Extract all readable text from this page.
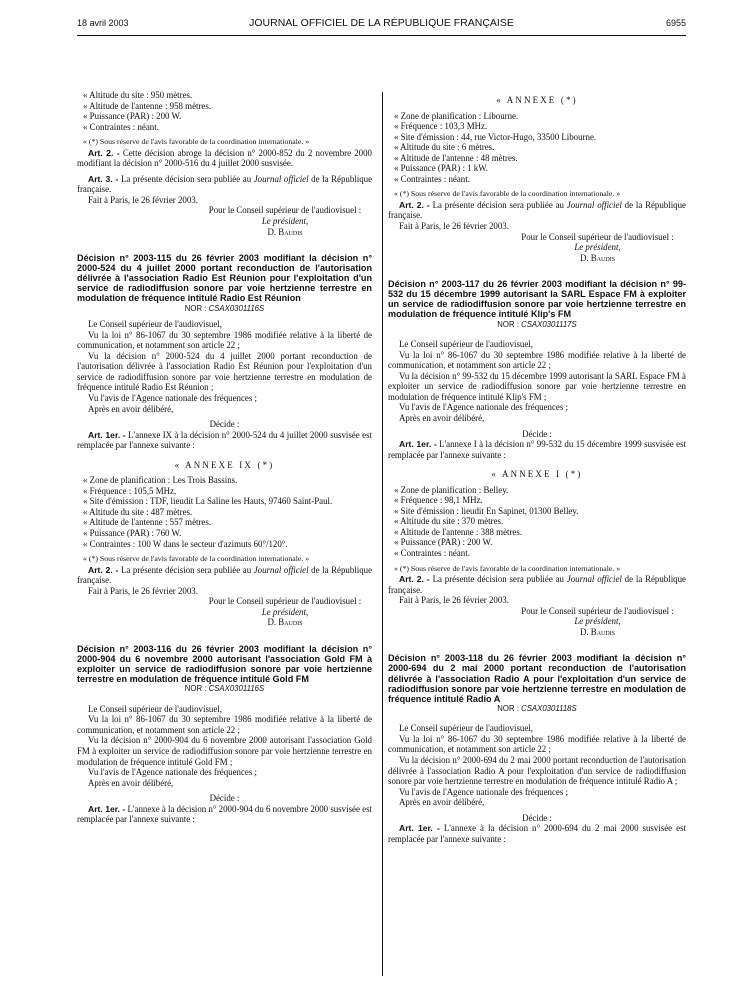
18 avril 2003	JOURNAL OFFICIEL DE LA RÉPUBLIQUE FRANÇAISE	6955

« Altitude du site : 950 mètres.

« Altitude de l'antenne : 958 mètres.

« Puissance (PAR) : 200 W.

« Contraintes : néant.

« (*) Sous réserve de l'avis favorable de la coordination internationale. »

Art. 2. - Cette décision abroge la décision n° 2000-852 du 2 novembre 2000 modifiant la décision n° 2000-516 du 4 juillet 2000 susvisée.

Art. 3. - La présente décision sera publiée au Journal officiel de la République française.

Fait à Paris, le 26 février 2003.

Pour le Conseil supérieur de l'audiovisuel :
Le président,
D. Baudis

Décision n° 2003-115 du 26 février 2003 modifiant la décision n° 2000-524 du 4 juillet 2000 portant reconduction de l'autorisation délivrée à l'association Radio Est Réunion pour l'exploitation d'un service de radiodiffusion sonore par voie hertzienne terrestre en modulation de fréquence intitulé Radio Est Réunion

NOR : CSAX0301116S

Le Conseil supérieur de l'audiovisuel,

Vu la loi n° 86-1067 du 30 septembre 1986 modifiée relative à la liberté de communication, et notamment son article 22 ;

Vu la décision n° 2000-524 du 4 juillet 2000 portant reconduction de l'autorisation délivrée à l'association Radio Est Réunion pour l'exploitation d'un service de radiodiffusion sonore par voie hertzienne terrestre en modulation de fréquence intitulé Radio Est Réunion ;

Vu l'avis de l'Agence nationale des fréquences ;

Après en avoir délibéré,

Décide :

Art. 1er. - L'annexe IX à la décision n° 2000-524 du 4 juillet 2000 susvisée est remplacée par l'annexe suivante :

« ANNEXE IX (*)

« Zone de planification : Les Trois Bassins.

« Fréquence : 105,5 MHz.

« Site d'émission : TDF, lieudit La Saline les Hauts, 97460 Saint-Paul.

« Altitude du site : 487 mètres.

« Altitude de l'antenne : 557 mètres.

« Puissance (PAR) : 760 W.

« Contraintes : 100 W dans le secteur d'azimuts 60°/120°.

« (*) Sous réserve de l'avis favorable de la coordination internationale. »

Art. 2. - La présente décision sera publiée au Journal officiel de la République française.

Fait à Paris, le 26 février 2003.

Pour le Conseil supérieur de l'audiovisuel :
Le président,
D. Baudis

Décision n° 2003-116 du 26 février 2003 modifiant la décision n° 2000-904 du 6 novembre 2000 autorisant l'association Gold FM à exploiter un service de radiodiffusion sonore par voie hertzienne terrestre en modulation de fréquence intitulé Gold FM

NOR : CSAX0301116S

Le Conseil supérieur de l'audiovisuel,

Vu la loi n° 86-1067 du 30 septembre 1986 modifiée relative à la liberté de communication, et notamment son article 22 ;

Vu la décision n° 2000-904 du 6 novembre 2000 autorisant l'association Gold FM à exploiter un service de radiodiffusion sonore par voie hertzienne terrestre en modulation de fréquence intitulé Gold FM ;

Vu l'avis de l'Agence nationale des fréquences ;

Après en avoir délibéré,

Décide :

Art. 1er. - L'annexe à la décision n° 2000-904 du 6 novembre 2000 susvisée est remplacée par l'annexe suivante :

« ANNEXE (*)

« Zone de planification : Libourne.

« Fréquence : 103,3 MHz.

« Site d'émission : 44, rue Victor-Hugo, 33500 Libourne.

« Altitude du site : 6 mètres.

« Altitude de l'antenne : 48 mètres.

« Puissance (PAR) : 1 kW.

« Contraintes : néant.

« (*) Sous réserve de l'avis favorable de la coordination internationale. »

Art. 2. - La présente décision sera publiée au Journal officiel de la République française.

Fait à Paris, le 26 février 2003.

Pour le Conseil supérieur de l'audiovisuel :
Le président,
D. Baudis

Décision n° 2003-117 du 26 février 2003 modifiant la décision n° 99-532 du 15 décembre 1999 autorisant la SARL Espace FM à exploiter un service de radiodiffusion sonore par voie hertzienne terrestre en modulation de fréquence intitulé Klip's FM

NOR : CSAX0301117S

Le Conseil supérieur de l'audiovisuel,

Vu la loi n° 86-1067 du 30 septembre 1986 modifiée relative à la liberté de communication, et notamment son article 22 ;

Vu la décision n° 99-532 du 15 décembre 1999 autorisant la SARL Espace FM à exploiter un service de radiodiffusion sonore par voie hertzienne terrestre en modulation de fréquence intitulé Klip's FM ;

Vu l'avis de l'Agence nationale des fréquences ;

Après en avoir délibéré,

Décide :

Art. 1er. - L'annexe I à la décision n° 99-532 du 15 décembre 1999 susvisée est remplacée par l'annexe suivante :

« ANNEXE I (*)

« Zone de planification : Belley.

« Fréquence : 98,1 MHz.

« Site d'émission : lieudit En Sapinet, 01300 Belley.

« Altitude du site : 370 mètres.

« Altitude de l'antenne : 388 mètres.

« Puissance (PAR) : 200 W.

« Contraintes : néant.

« (*) Sous réserve de l'avis favorable de la coordination internationale. »

Art. 2. - La présente décision sera publiée au Journal officiel de la République française.

Fait à Paris, le 26 février 2003.

Pour le Conseil supérieur de l'audiovisuel :
Le président,
D. Baudis

Décision n° 2003-118 du 26 février 2003 modifiant la décision n° 2000-694 du 2 mai 2000 portant reconduction de l'autorisation délivrée à l'association Radio A pour l'exploitation d'un service de radiodiffusion sonore par voie hertzienne terrestre en modulation de fréquence intitulé Radio A

NOR : CSAX0301118S

Le Conseil supérieur de l'audiovisuel,

Vu la loi n° 86-1067 du 30 septembre 1986 modifiée relative à la liberté de communication, et notamment son article 22 ;

Vu la décision n° 2000-694 du 2 mai 2000 portant reconduction de l'autorisation délivrée à l'association Radio A pour l'exploitation d'un service de radiodiffusion sonore par voie hertzienne terrestre en modulation de fréquence intitulé Radio A ;

Vu l'avis de l'Agence nationale des fréquences ;

Après en avoir délibéré,

Décide :

Art. 1er. - L'annexe à la décision n° 2000-694 du 2 mai 2000 susvisée est remplacée par l'annexe suivante :
